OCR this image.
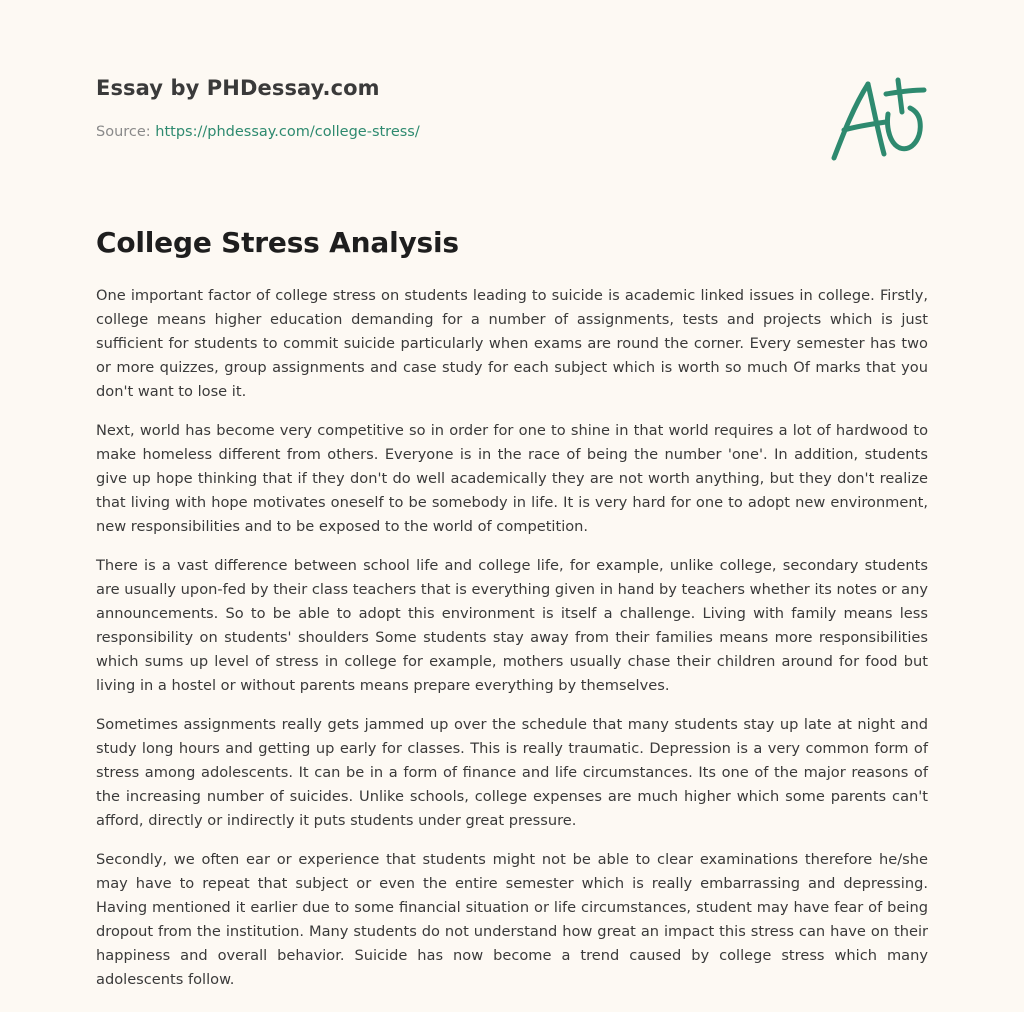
Essay by PHDessay.com
Source: https://phdessay.com/college-stress/
College Stress Analysis

One important factor of college stress on students leading to suicide is academic linked issues in college. Firstly, college means higher education demanding for a number of assignments, tests and projects which is just sufficient for students to commit suicide particularly when exams are round the corner. Every semester has two or more quizzes, group assignments and case study for each subject which is worth so much Of marks that you don't want to lose it.

Next, world has become very competitive so in order for one to shine in that world requires a lot of hardwood to make homeless different from others. Everyone is in the race of being the number 'one'. In addition, students give up hope thinking that if they don't do well academically they are not worth anything, but they don't realize that living with hope motivates oneself to be somebody in life. It is very hard for one to adopt new environment, new responsibilities and to be exposed to the world of competition.

There is a vast difference between school life and college life, for example, unlike college, secondary students are usually upon-fed by their class teachers that is everything given in hand by teachers whether its notes or any announcements. So to be able to adopt this environment is itself a challenge. Living with family means less responsibility on students' shoulders Some students stay away from their families means more responsibilities which sums up level of stress in college for example, mothers usually chase their children around for food but living in a hostel or without parents means prepare everything by themselves.

Sometimes assignments really gets jammed up over the schedule that many students stay up late at night and study long hours and getting up early for classes. This is really traumatic. Depression is a very common form of stress among adolescents. It can be in a form of finance and life circumstances. Its one of the major reasons of the increasing number of suicides. Unlike schools, college expenses are much higher which some parents can't afford, directly or indirectly it puts students under great pressure.

Secondly, we often ear or experience that students might not be able to clear examinations therefore he/she may have to repeat that subject or even the entire semester which is really embarrassing and depressing. Having mentioned it earlier due to some financial situation or life circumstances, student may have fear of being dropout from the institution. Many students do not understand how great an impact this stress can have on their happiness and overall behavior. Suicide has now become a trend caused by college stress which many adolescents follow.
